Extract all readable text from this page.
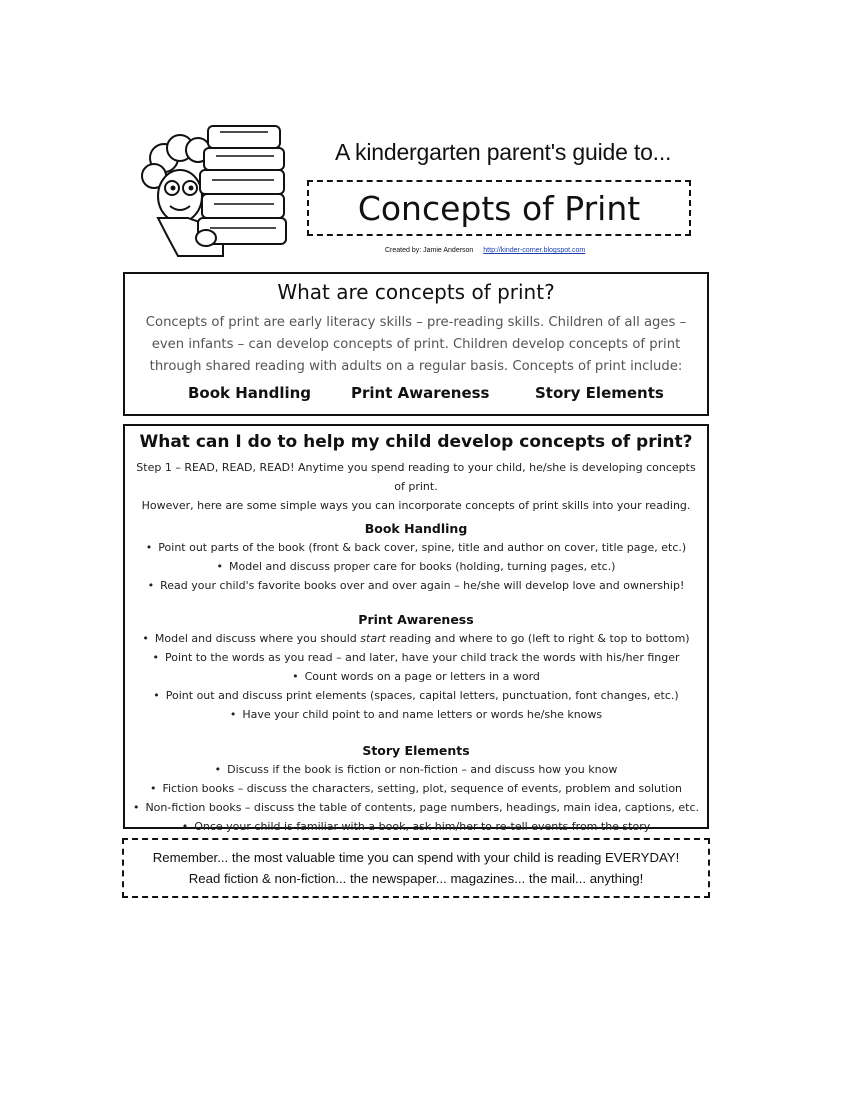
A kindergarten parent's guide to...
Concepts of Print
Created by: Jamie Anderson http://kinder-corner.blogspot.com
What are concepts of print?

Concepts of print are early literacy skills – pre-reading skills. Children of all ages – even infants – can develop concepts of print. Children develop concepts of print through shared reading with adults on a regular basis. Concepts of print include:

Book Handling	Print Awareness	Story Elements
What can I do to help my child develop concepts of print?
Step 1 – READ, READ, READ! Anytime you spend reading to your child, he/she is developing concepts of print.
However, here are some simple ways you can incorporate concepts of print skills into your reading.
Book Handling
• Point out parts of the book (front & back cover, spine, title and author on cover, title page, etc.)
• Model and discuss proper care for books (holding, turning pages, etc.)
• Read your child's favorite books over and over again – he/she will develop love and ownership!
Print Awareness
• Model and discuss where you should start reading and where to go (left to right & top to bottom)
• Point to the words as you read – and later, have your child track the words with his/her finger
• Count words on a page or letters in a word
• Point out and discuss print elements (spaces, capital letters, punctuation, font changes, etc.)
• Have your child point to and name letters or words he/she knows
Story Elements
• Discuss if the book is fiction or non-fiction – and discuss how you know
• Fiction books – discuss the characters, setting, plot, sequence of events, problem and solution
• Non-fiction books – discuss the table of contents, page numbers, headings, main idea, captions, etc.
• Once your child is familiar with a book, ask him/her to re-tell events from the story

Remember... the most valuable time you can spend with your child is reading EVERYDAY!
Read fiction & non-fiction... the newspaper... magazines... the mail... anything!
